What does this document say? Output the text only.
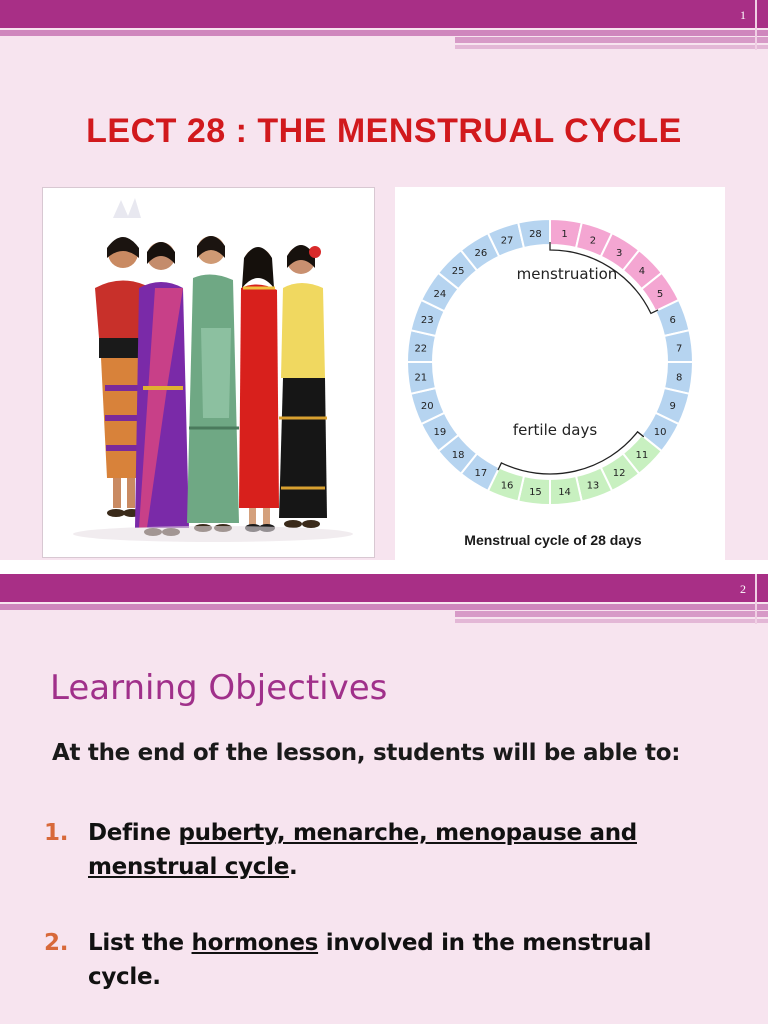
1
LECT 28 : THE MENSTRUAL CYCLE
1
2
3
4
5
6
7
8
9
10
11
12
13
14
15
16
17
18
19
20
21
22
23
24
25
26
27
28
menstruation
fertile days
Menstrual cycle of 28 days
2
Learning Objectives
At the end of the lesson, students will be able to:
1. Define puberty, menarche, menopause and
menstrual cycle.
2. List the hormones involved in the menstrual
cycle.
